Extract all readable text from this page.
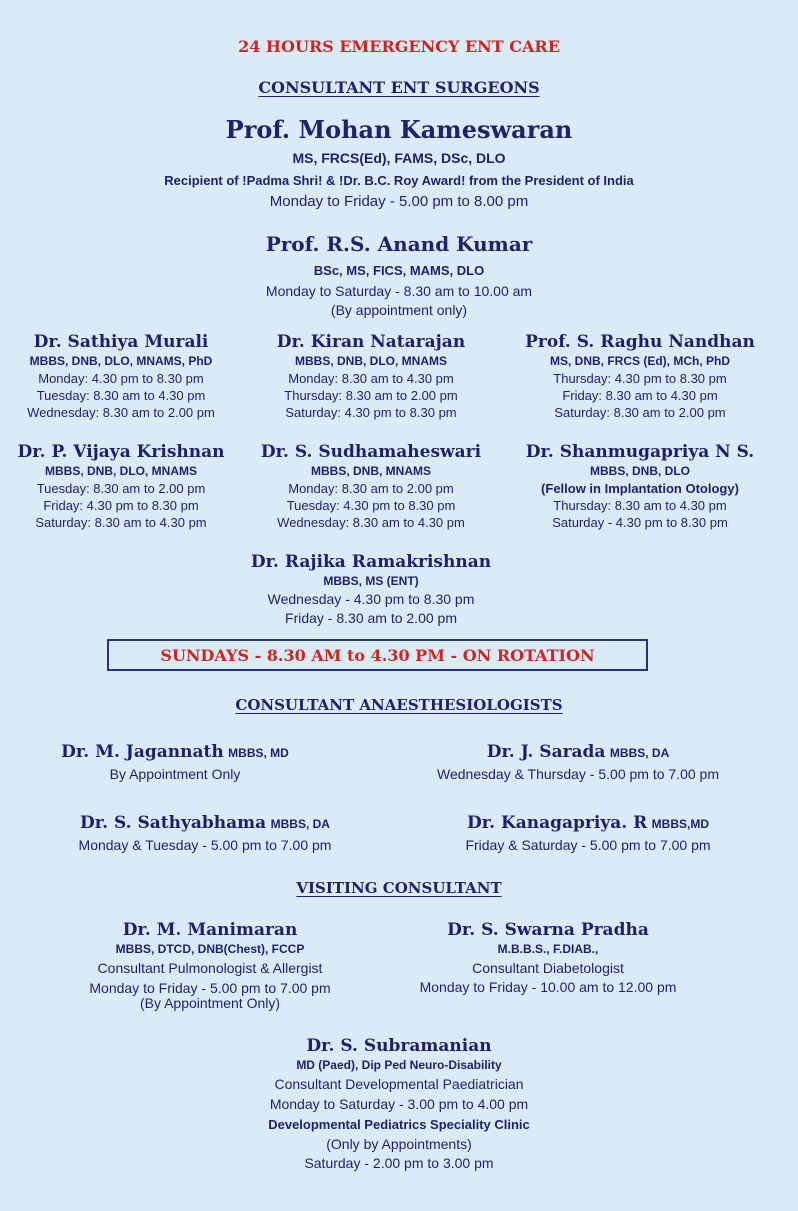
24 HOURS EMERGENCY ENT CARE
CONSULTANT ENT SURGEONS
Prof. Mohan Kameswaran
MS, FRCS(Ed), FAMS, DSc, DLO
Recipient of !Padma Shri! & !Dr. B.C. Roy Award! from the President of India
Monday to Friday - 5.00 pm to 8.00 pm
Prof. R.S. Anand Kumar
BSc, MS, FICS, MAMS, DLO
Monday to Saturday - 8.30 am to 10.00 am
(By appointment only)
Dr. Sathiya Murali
MBBS, DNB, DLO, MNAMS, PhD
Monday: 4.30 pm to 8.30 pm
Tuesday: 8.30 am to 4.30 pm
Wednesday: 8.30 am to 2.00 pm
Dr. Kiran Natarajan
MBBS, DNB, DLO, MNAMS
Monday: 8.30 am to 4.30 pm
Thursday: 8.30 am to 2.00 pm
Saturday: 4.30 pm to 8.30 pm
Prof. S. Raghu Nandhan
MS, DNB, FRCS (Ed), MCh, PhD
Thursday: 4.30 pm to 8.30 pm
Friday: 8.30 am to 4.30 pm
Saturday: 8.30 am to 2.00 pm
Dr. P. Vijaya Krishnan
MBBS, DNB, DLO, MNAMS
Tuesday: 8.30 am to 2.00 pm
Friday: 4.30 pm to 8.30 pm
Saturday: 8.30 am to 4.30 pm
Dr. S. Sudhamaheswari
MBBS, DNB, MNAMS
Monday: 8.30 am to 2.00 pm
Tuesday: 4.30 pm to 8.30 pm
Wednesday: 8.30 am to 4.30 pm
Dr. Shanmugapriya N S.
MBBS, DNB, DLO
(Fellow in Implantation Otology)
Thursday: 8.30 am to 4.30 pm
Saturday - 4.30 pm to 8.30 pm
Dr. Rajika Ramakrishnan
MBBS, MS (ENT)
Wednesday - 4.30 pm to 8.30 pm
Friday - 8.30 am to 2.00 pm
SUNDAYS - 8.30 AM to 4.30 PM - ON ROTATION
CONSULTANT ANAESTHESIOLOGISTS
Dr. M. Jagannath MBBS, MD
By Appointment Only
Dr. J. Sarada MBBS, DA
Wednesday & Thursday - 5.00 pm to 7.00 pm
Dr. S. Sathyabhama MBBS, DA
Monday & Tuesday - 5.00 pm to 7.00 pm
Dr. Kanagapriya. R MBBS,MD
Friday & Saturday - 5.00 pm to 7.00 pm
VISITING CONSULTANT
Dr. M. Manimaran
MBBS, DTCD, DNB(Chest), FCCP
Consultant Pulmonologist & Allergist
Monday to Friday - 5.00 pm to 7.00 pm
(By Appointment Only)
Dr. S. Swarna Pradha
M.B.B.S., F.DIAB.,
Consultant Diabetologist
Monday to Friday - 10.00 am to 12.00 pm
Dr. S. Subramanian
MD (Paed), Dip Ped Neuro-Disability
Consultant Developmental Paediatrician
Monday to Saturday - 3.00 pm to 4.00 pm
Developmental Pediatrics Speciality Clinic
(Only by Appointments)
Saturday - 2.00 pm to 3.00 pm
